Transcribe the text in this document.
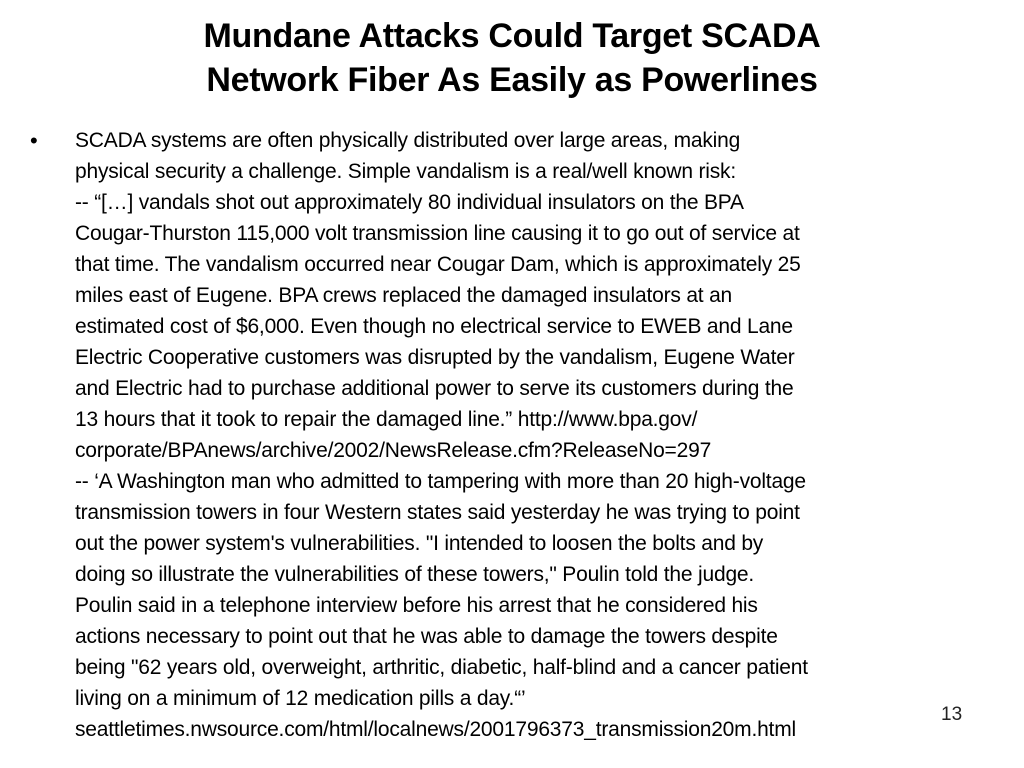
Mundane Attacks Could Target SCADA
Network Fiber As Easily as Powerlines
• SCADA systems are often physically distributed over large areas, making
physical security a challenge. Simple vandalism is a real/well known risk:
-- “[…] vandals shot out approximately 80 individual insulators on the BPA
Cougar-Thurston 115,000 volt transmission line causing it to go out of service at
that time. The vandalism occurred near Cougar Dam, which is approximately 25
miles east of Eugene. BPA crews replaced the damaged insulators at an
estimated cost of $6,000. Even though no electrical service to EWEB and Lane
Electric Cooperative customers was disrupted by the vandalism, Eugene Water
and Electric had to purchase additional power to serve its customers during the
13 hours that it took to repair the damaged line.” http://www.bpa.gov/
corporate/BPAnews/archive/2002/NewsRelease.cfm?ReleaseNo=297
-- ‘A Washington man who admitted to tampering with more than 20 high-voltage
transmission towers in four Western states said yesterday he was trying to point
out the power system's vulnerabilities. "I intended to loosen the bolts and by
doing so illustrate the vulnerabilities of these towers," Poulin told the judge.
Poulin said in a telephone interview before his arrest that he considered his
actions necessary to point out that he was able to damage the towers despite
being "62 years old, overweight, arthritic, diabetic, half-blind and a cancer patient
living on a minimum of 12 medication pills a day.“’
seattletimes.nwsource.com/html/localnews/2001796373_transmission20m.html
13
